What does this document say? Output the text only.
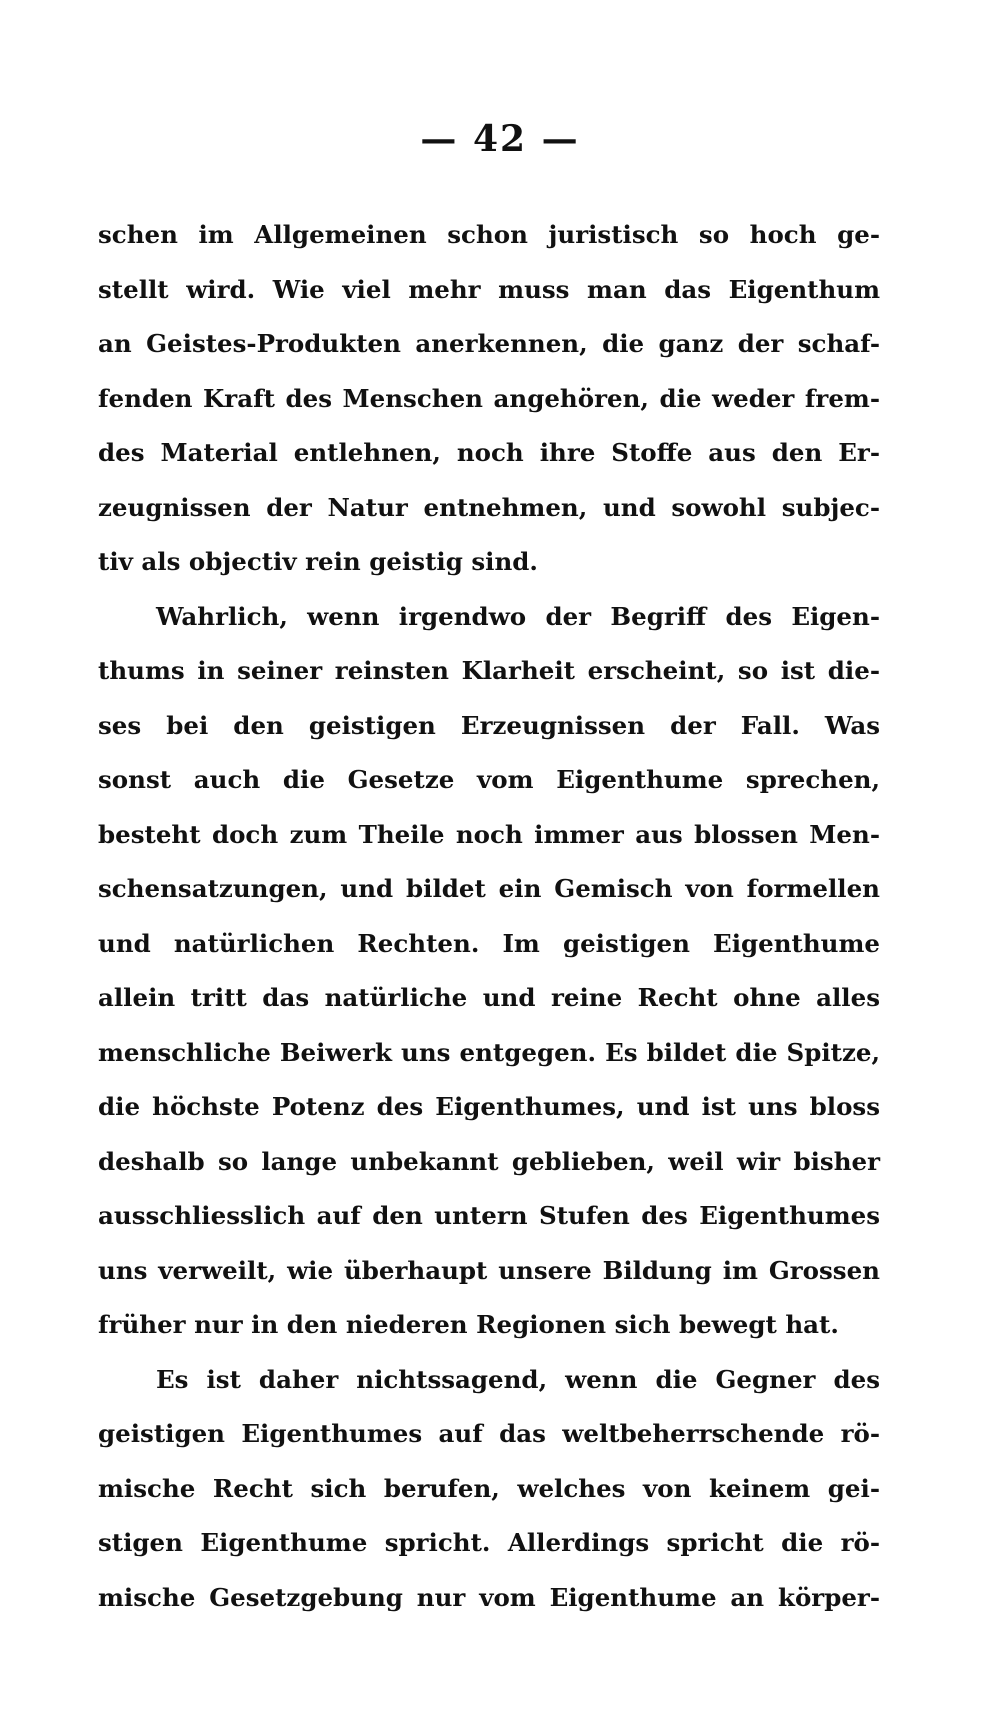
— 42 —
schen im Allgemeinen schon juristisch so hoch ge-
stellt wird. Wie viel mehr muss man das Eigenthum
an Geistes-Produkten anerkennen, die ganz der schaf-
fenden Kraft des Menschen angehören, die weder frem-
des Material entlehnen, noch ihre Stoffe aus den Er-
zeugnissen der Natur entnehmen, und sowohl subjec-
tiv als objectiv rein geistig sind.
Wahrlich, wenn irgendwo der Begriff des Eigen-
thums in seiner reinsten Klarheit erscheint, so ist die-
ses bei den geistigen Erzeugnissen der Fall. Was
sonst auch die Gesetze vom Eigenthume sprechen,
besteht doch zum Theile noch immer aus blossen Men-
schensatzungen, und bildet ein Gemisch von formellen
und natürlichen Rechten. Im geistigen Eigenthume
allein tritt das natürliche und reine Recht ohne alles
menschliche Beiwerk uns entgegen. Es bildet die Spitze,
die höchste Potenz des Eigenthumes, und ist uns bloss
deshalb so lange unbekannt geblieben, weil wir bisher
ausschliesslich auf den untern Stufen des Eigenthumes
uns verweilt, wie überhaupt unsere Bildung im Grossen
früher nur in den niederen Regionen sich bewegt hat.
Es ist daher nichtssagend, wenn die Gegner des
geistigen Eigenthumes auf das weltbeherrschende rö-
mische Recht sich berufen, welches von keinem gei-
stigen Eigenthume spricht. Allerdings spricht die rö-
mische Gesetzgebung nur vom Eigenthume an körper-
